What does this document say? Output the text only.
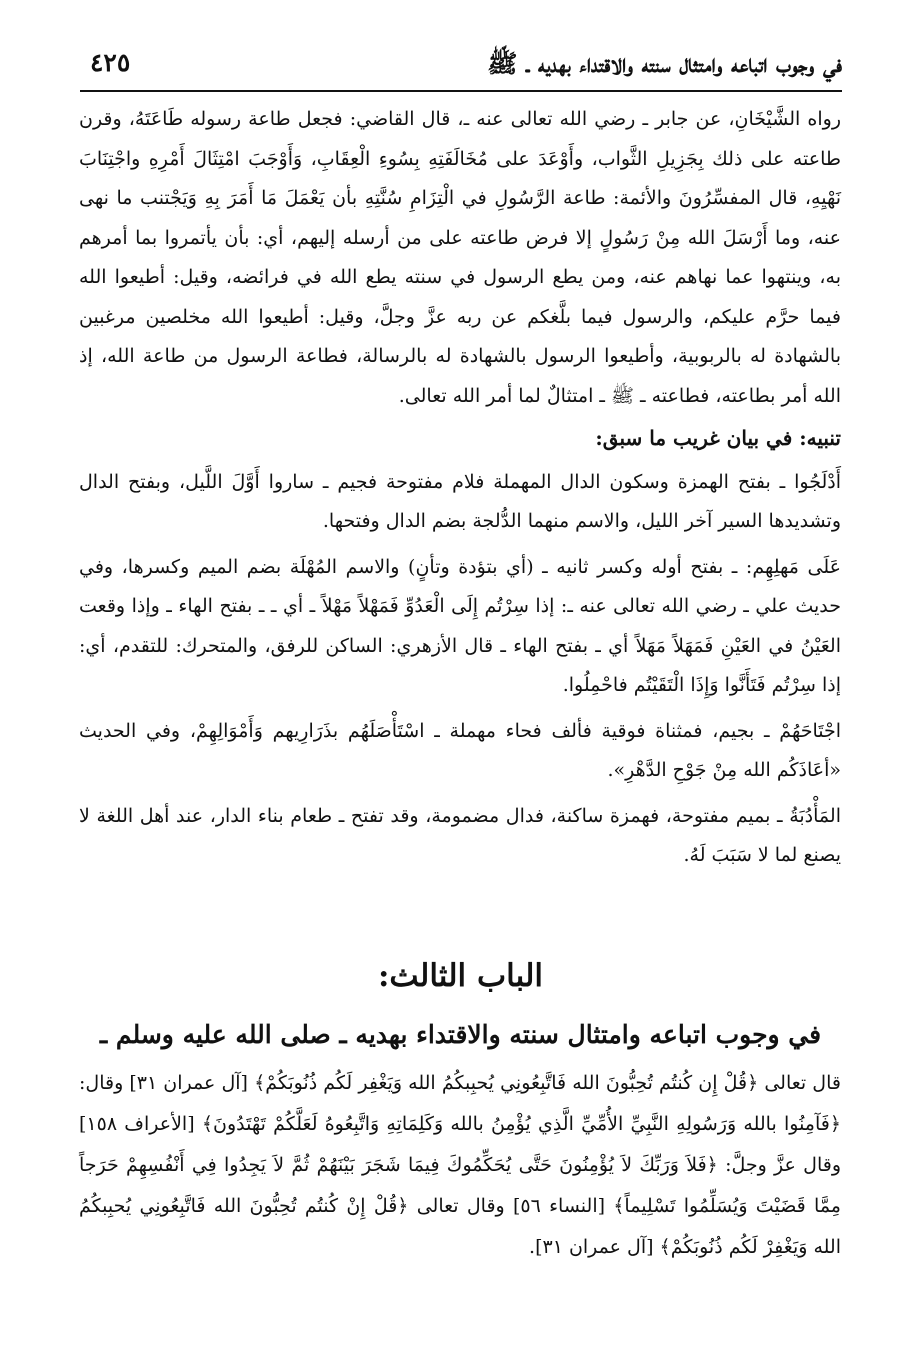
في وجوب اتباعه وامتثال سنته والاقتداء بهديه ـ ﷺ
٤٢٥

رواه الشَّيْخَانِ، عن جابر ـ رضي الله تعالى عنه ـ، قال القاضي: فجعل طاعة رسوله طَاعَتَهُ، وقرن طاعته على ذلك بِجَزِيلِ الثَّواب، وأَوْعَدَ على مُخَالَفَتِهِ بِسُوءِ الْعِقَابِ، وَأَوْجَبَ امْتِثَالَ أَمْرِهِ واجْتِنَابَ نَهْيِهِ، قال المفسِّرُونَ والأئمة: طاعة الرَّسُولِ في الْتِزَامِ سُنَّتِهِ بأن يَعْمَلَ مَا أَمَرَ بِهِ وَيَجْتنب ما نهى عنه، وما أَرْسَلَ الله مِنْ رَسُولٍ إلا فرض طاعته على من أرسله إليهم، أي: بأن يأتمروا بما أمرهم به، وينتهوا عما نهاهم عنه، ومن يطع الرسول في سنته يطع الله في فرائضه، وقيل: أطيعوا الله فيما حرَّم عليكم، والرسول فيما بلَّغكم عن ربه عزَّ وجلَّ، وقيل: أطيعوا الله مخلصين مرغبين بالشهادة له بالربوبية، وأطيعوا الرسول بالشهادة له بالرسالة، فطاعة الرسول من طاعة الله، إذ الله أمر بطاعته، فطاعته ـ ﷺ ـ امتثالٌ لما أمر الله تعالى.

تنبيه: في بيان غريب ما سبق:

أَدْلَجُوا ـ بفتح الهمزة وسكون الدال المهملة فلام مفتوحة فجيم ـ ساروا أَوَّلَ اللَّيل، وبفتح الدال وتشديدها السير آخر الليل، والاسم منهما الدُّلجة بضم الدال وفتحها.

عَلَى مَهلِهِم: ـ بفتح أوله وكسر ثانيه ـ (أي بتؤدة وتأنٍ) والاسم المُهْلَة بضم الميم وكسرها، وفي حديث علي ـ رضي الله تعالى عنه ـ: إذا سِرْتُم إِلَى الْعَدُوِّ فَمَهْلاً مَهْلاً ـ أي ـ ـ بفتح الهاء ـ وإذا وقعت العَيْنُ في العَيْنِ فَمَهَلاً مَهَلاً أي ـ بفتح الهاء ـ قال الأزهري: الساكن للرفق، والمتحرك: للتقدم، أي: إذا سِرْتُم فَتَأَنَّوا وَإِذَا الْتَقَيْتُم فاحْمِلُوا.

اجْتَاحَهُمْ ـ بجيم، فمثناة فوقية فألف فحاء مهملة ـ اسْتَأْصَلَهُم بذَرَارِيهم وَأَمْوَالِهِمْ، وفي الحديث «أعَاذَكُم الله مِنْ جَوْحِ الدَّهْرِ».

المَأْدُبَةُ ـ بميم مفتوحة، فهمزة ساكنة، فدال مضمومة، وقد تفتح ـ طعام بناء الدار، عند أهل اللغة لا يصنع لما لا سَبَبَ لَهُ.

الباب الثالث:
في وجوب اتباعه وامتثال سنته والاقتداء بهديه ـ صلى الله عليه وسلم ـ

قال تعالى ﴿قُلْ إِن كُنتُم تُحِبُّونَ الله فَاتَّبِعُونِي يُحبِبكُمُ الله وَيَغْفِر لَكُم ذُنُوبَكُمْ﴾ [آل عمران ٣١] وقال: ﴿فَآمِنُوا بالله وَرَسُولِهِ النَّبِيِّ الأُمِّيِّ الَّذِي يُؤْمِنُ بالله وَكَلِمَاتِهِ وَاتَّبِعُوهُ لَعَلَّكُمْ تَهْتَدُونَ﴾ [الأعراف ١٥٨] وقال عزَّ وجلَّ: ﴿فَلاَ وَرَبِّكَ لاَ يُؤْمِنُونَ حَتَّى يُحَكِّمُوكَ فِيمَا شَجَرَ بَيْنَهُمْ ثُمَّ لاَ يَجِدُوا فِي أَنْفُسِهِمْ حَرَجاً مِمَّا قَضَيْتَ وَيُسَلِّمُوا تَسْلِيماً﴾ [النساء ٥٦] وقال تعالى ﴿قُلْ إِنْ كُنتُم تُحِبُّونَ الله فَاتَّبِعُونِي يُحبِبكُمُ الله وَيَغْفِرْ لَكُم ذُنُوبَكُمْ﴾ [آل عمران ٣١].
